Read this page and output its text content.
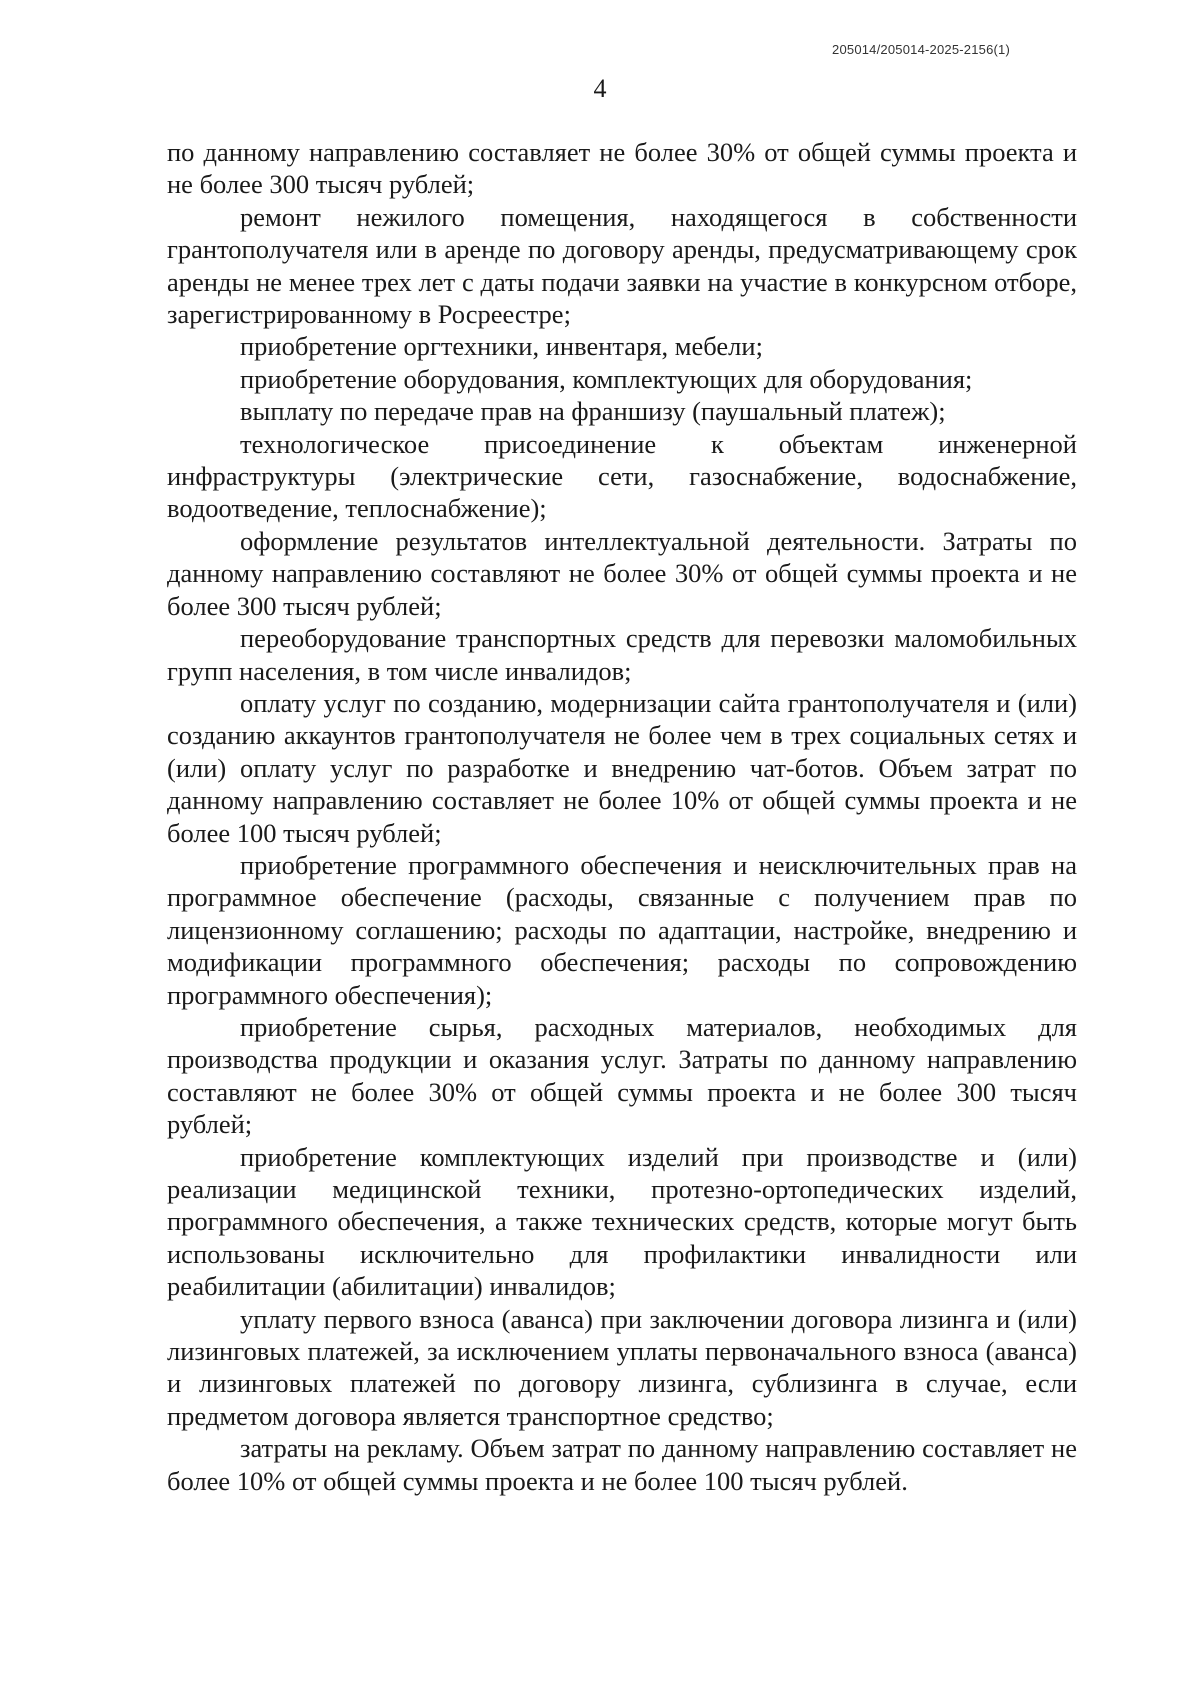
205014/205014-2025-2156(1)
4

по данному направлению составляет не более 30% от общей суммы проекта и не более 300 тысяч рублей;

ремонт нежилого помещения, находящегося в собственности грантополучателя или в аренде по договору аренды, предусматривающему срок аренды не менее трех лет с даты подачи заявки на участие в конкурсном отборе, зарегистрированному в Росреестре;

приобретение оргтехники, инвентаря, мебели;

приобретение оборудования, комплектующих для оборудования;

выплату по передаче прав на франшизу (паушальный платеж);

технологическое присоединение к объектам инженерной инфраструктуры (электрические сети, газоснабжение, водоснабжение, водоотведение, теплоснабжение);

оформление результатов интеллектуальной деятельности. Затраты по данному направлению составляют не более 30% от общей суммы проекта и не более 300 тысяч рублей;

переоборудование транспортных средств для перевозки маломобильных групп населения, в том числе инвалидов;

оплату услуг по созданию, модернизации сайта грантополучателя и (или) созданию аккаунтов грантополучателя не более чем в трех социальных сетях и (или) оплату услуг по разработке и внедрению чат-ботов. Объем затрат по данному направлению составляет не более 10% от общей суммы проекта и не более 100 тысяч рублей;

приобретение программного обеспечения и неисключительных прав на программное обеспечение (расходы, связанные с получением прав по лицензионному соглашению; расходы по адаптации, настройке, внедрению и модификации программного обеспечения; расходы по сопровождению программного обеспечения);

приобретение сырья, расходных материалов, необходимых для производства продукции и оказания услуг. Затраты по данному направлению составляют не более 30% от общей суммы проекта и не более 300 тысяч рублей;

приобретение комплектующих изделий при производстве и (или) реализации медицинской техники, протезно-ортопедических изделий, программного обеспечения, а также технических средств, которые могут быть использованы исключительно для профилактики инвалидности или реабилитации (абилитации) инвалидов;

уплату первого взноса (аванса) при заключении договора лизинга и (или) лизинговых платежей, за исключением уплаты первоначального взноса (аванса) и лизинговых платежей по договору лизинга, сублизинга в случае, если предметом договора является транспортное средство;

затраты на рекламу. Объем затрат по данному направлению составляет не более 10% от общей суммы проекта и не более 100 тысяч рублей.
